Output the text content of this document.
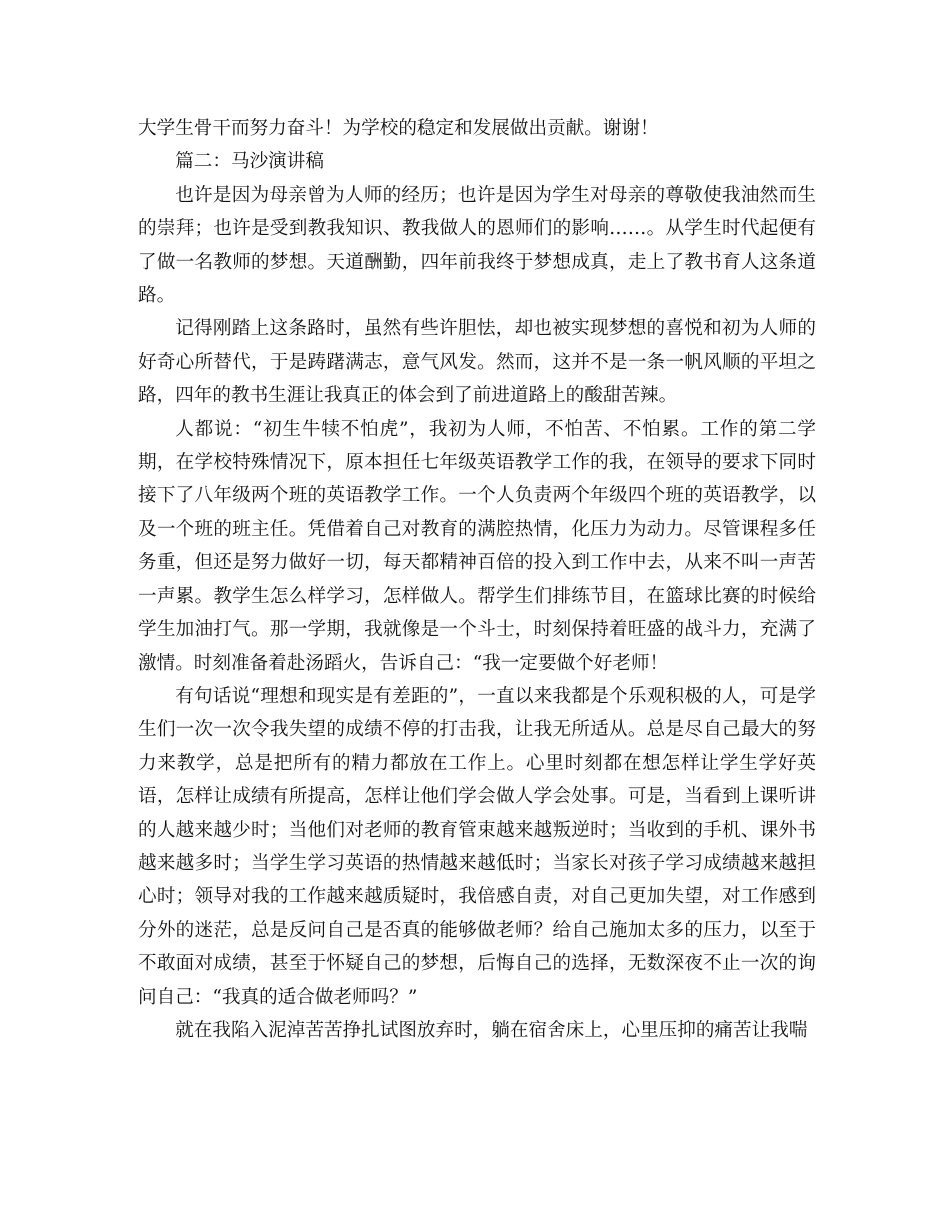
大学生骨干而努力奋斗！为学校的稳定和发展做出贡献。谢谢！

篇二：马沙演讲稿

也许是因为母亲曾为人师的经历；也许是因为学生对母亲的尊敬使我油然而生的崇拜；也许是受到教我知识、教我做人的恩师们的影响……。从学生时代起便有了做一名教师的梦想。天道酬勤，四年前我终于梦想成真，走上了教书育人这条道路。

记得刚踏上这条路时，虽然有些许胆怯，却也被实现梦想的喜悦和初为人师的好奇心所替代，于是踌躇满志，意气风发。然而，这并不是一条一帆风顺的平坦之路，四年的教书生涯让我真正的体会到了前进道路上的酸甜苦辣。

人都说：“初生牛犊不怕虎”，我初为人师，不怕苦、不怕累。工作的第二学期，在学校特殊情况下，原本担任七年级英语教学工作的我，在领导的要求下同时接下了八年级两个班的英语教学工作。一个人负责两个年级四个班的英语教学，以及一个班的班主任。凭借着自己对教育的满腔热情，化压力为动力。尽管课程多任务重，但还是努力做好一切，每天都精神百倍的投入到工作中去，从来不叫一声苦一声累。教学生怎么样学习，怎样做人。帮学生们排练节目，在篮球比赛的时候给学生加油打气。那一学期，我就像是一个斗士，时刻保持着旺盛的战斗力，充满了激情。时刻准备着赴汤蹈火，告诉自己：“我一定要做个好老师！

有句话说“理想和现实是有差距的”，一直以来我都是个乐观积极的人，可是学生们一次一次令我失望的成绩不停的打击我，让我无所适从。总是尽自己最大的努力来教学，总是把所有的精力都放在工作上。心里时刻都在想怎样让学生学好英语，怎样让成绩有所提高，怎样让他们学会做人学会处事。可是，当看到上课听讲的人越来越少时；当他们对老师的教育管束越来越叛逆时；当收到的手机、课外书越来越多时；当学生学习英语的热情越来越低时；当家长对孩子学习成绩越来越担心时；领导对我的工作越来越质疑时，我倍感自责，对自己更加失望，对工作感到分外的迷茫，总是反问自己是否真的能够做老师？给自己施加太多的压力，以至于不敢面对成绩，甚至于怀疑自己的梦想，后悔自己的选择，无数深夜不止一次的询问自己：“我真的适合做老师吗？”

就在我陷入泥淖苦苦挣扎试图放弃时，躺在宿舍床上，心里压抑的痛苦让我喘
